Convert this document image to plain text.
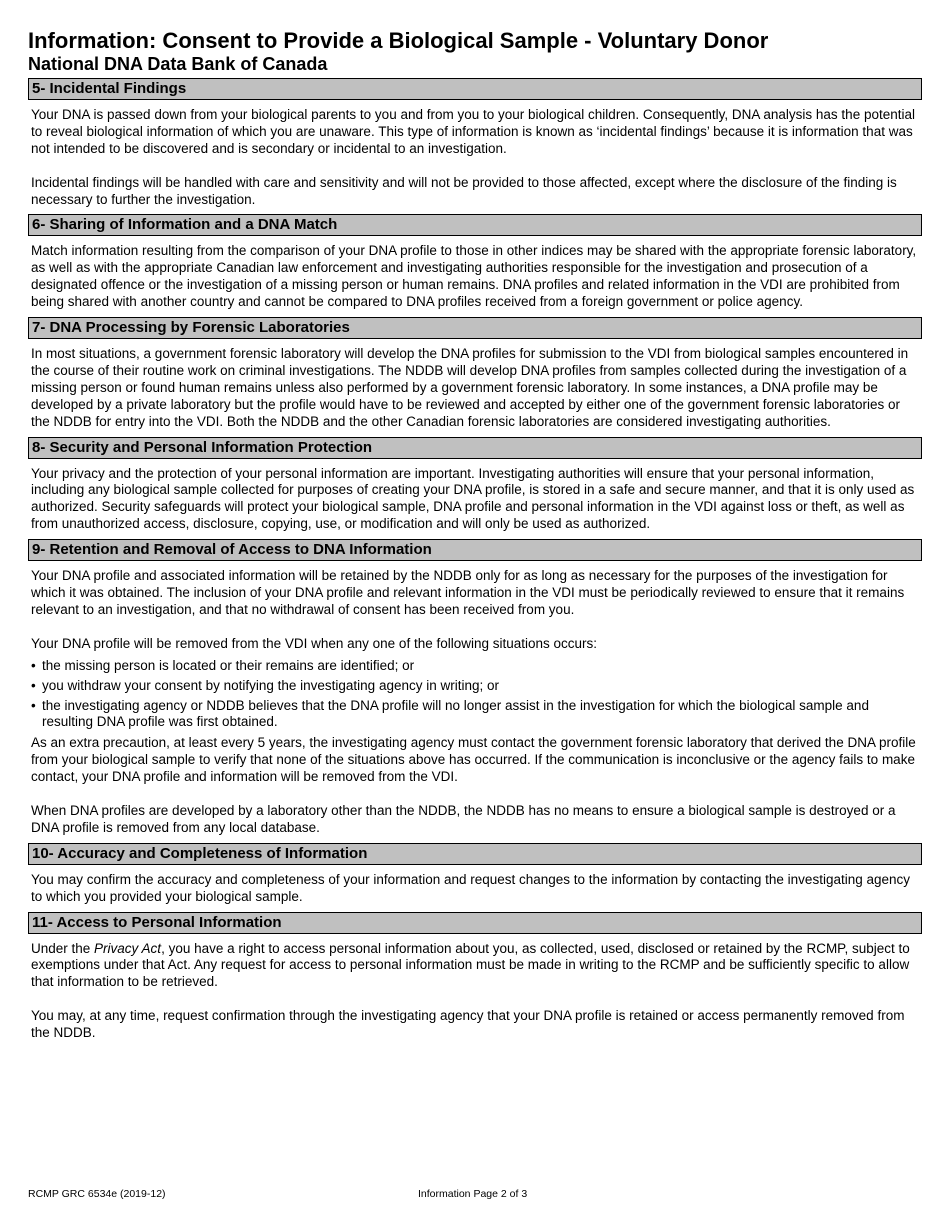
Information: Consent to Provide a Biological Sample - Voluntary Donor
National DNA Data Bank of Canada
5- Incidental Findings

Your DNA is passed down from your biological parents to you and from you to your biological children. Consequently, DNA analysis has the potential to reveal biological information of which you are unaware. This type of information is known as ‘incidental findings’ because it is information that was not intended to be discovered and is secondary or incidental to an investigation.

Incidental findings will be handled with care and sensitivity and will not be provided to those affected, except where the disclosure of the finding is necessary to further the investigation.

6- Sharing of Information and a DNA Match

Match information resulting from the comparison of your DNA profile to those in other indices may be shared with the appropriate forensic laboratory, as well as with the appropriate Canadian law enforcement and investigating authorities responsible for the investigation and prosecution of a designated offence or the investigation of a missing person or human remains. DNA profiles and related information in the VDI are prohibited from being shared with another country and cannot be compared to DNA profiles received from a foreign government or police agency.

7- DNA Processing by Forensic Laboratories

In most situations, a government forensic laboratory will develop the DNA profiles for submission to the VDI from biological samples encountered in the course of their routine work on criminal investigations. The NDDB will develop DNA profiles from samples collected during the investigation of a missing person or found human remains unless also performed by a government forensic laboratory. In some instances, a DNA profile may be developed by a private laboratory but the profile would have to be reviewed and accepted by either one of the government forensic laboratories or the NDDB for entry into the VDI. Both the NDDB and the other Canadian forensic laboratories are considered investigating authorities.

8- Security and Personal Information Protection

Your privacy and the protection of your personal information are important. Investigating authorities will ensure that your personal information, including any biological sample collected for purposes of creating your DNA profile, is stored in a safe and secure manner, and that it is only used as authorized. Security safeguards will protect your biological sample, DNA profile and personal information in the VDI against loss or theft, as well as from unauthorized access, disclosure, copying, use, or modification and will only be used as authorized.

9- Retention and Removal of Access to DNA Information

Your DNA profile and associated information will be retained by the NDDB only for as long as necessary for the purposes of the investigation for which it was obtained. The inclusion of your DNA profile and relevant information in the VDI must be periodically reviewed to ensure that it remains relevant to an investigation, and that no withdrawal of consent has been received from you.

Your DNA profile will be removed from the VDI when any one of the following situations occurs:

• the missing person is located or their remains are identified; or
• you withdraw your consent by notifying the investigating agency in writing; or
• the investigating agency or NDDB believes that the DNA profile will no longer assist in the investigation for which the biological sample and resulting DNA profile was first obtained.

As an extra precaution, at least every 5 years, the investigating agency must contact the government forensic laboratory that derived the DNA profile from your biological sample to verify that none of the situations above has occurred. If the communication is inconclusive or the agency fails to make contact, your DNA profile and information will be removed from the VDI.

When DNA profiles are developed by a laboratory other than the NDDB, the NDDB has no means to ensure a biological sample is destroyed or a DNA profile is removed from any local database.

10- Accuracy and Completeness of Information

You may confirm the accuracy and completeness of your information and request changes to the information by contacting the investigating agency to which you provided your biological sample.

11- Access to Personal Information

Under the Privacy Act, you have a right to access personal information about you, as collected, used, disclosed or retained by the RCMP, subject to exemptions under that Act. Any request for access to personal information must be made in writing to the RCMP and be sufficiently specific to allow that information to be retrieved.

You may, at any time, request confirmation through the investigating agency that your DNA profile is retained or access permanently removed from the NDDB.

RCMP GRC 6534e (2019-12)	Information Page 2 of 3
